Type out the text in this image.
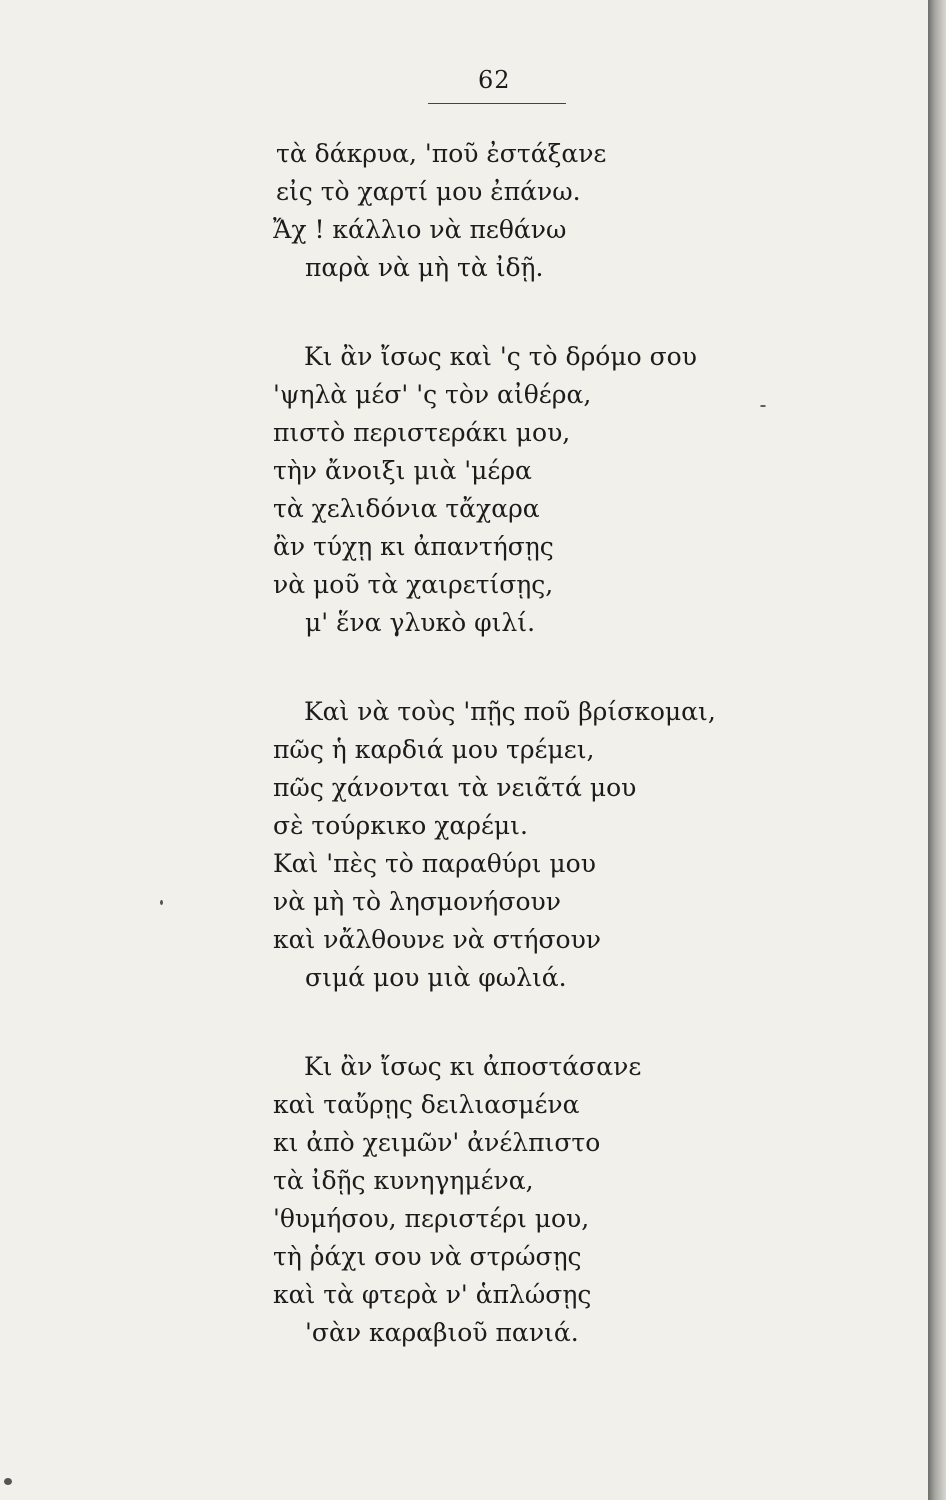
62
τὰ δάκρυα, 'ποῦ ἐστάξανε
εἰς τὸ χαρτί μου ἐπάνω.
Ἄχ ! κάλλιο νὰ πεθάνω
παρὰ νὰ μὴ τὰ ἰδῇ.
Κι ἂν ἴσως καὶ 'ς τὸ δρόμο σου
'ψηλὰ μέσ' 'ς τὸν αἰθέρα,
πιστὸ περιστεράκι μου,
τὴν ἄνοιξι μιὰ 'μέρα
τὰ χελιδόνια τἄχαρα
ἂν τύχῃ κι ἀπαντήσῃς
νὰ μοῦ τὰ χαιρετίσῃς,
μ' ἕνα γλυκὸ φιλί.
Καὶ νὰ τοὺς 'πῇς ποῦ βρίσκομαι,
πῶς ἡ καρδιά μου τρέμει,
πῶς χάνονται τὰ νειᾶτά μου
σὲ τούρκικο χαρέμι.
Καὶ 'πὲς τὸ παραθύρι μου
νὰ μὴ τὸ λησμονήσουν
καὶ νἄλθουνε νὰ στήσουν
σιμά μου μιὰ φωλιά.
Κι ἂν ἴσως κι ἀποστάσανε
καὶ ταὔρῃς δειλιασμένα
κι ἀπὸ χειμῶν' ἀνέλπιστο
τὰ ἰδῇς κυνηγημένα,
'θυμήσου, περιστέρι μου,
τὴ ῥάχι σου νὰ στρώσῃς
καὶ τὰ φτερὰ ν' ἁπλώσῃς
'σὰν καραβιοῦ πανιά.
